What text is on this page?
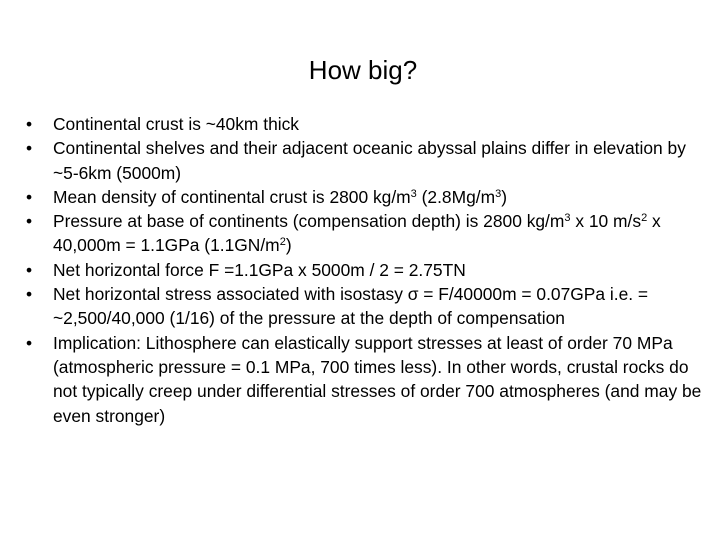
How big?
• Continental crust is ~40km thick
• Continental shelves and their adjacent oceanic abyssal plains differ in elevation by ~5-6km (5000m)
• Mean density of continental crust is 2800 $kg/m^3$ $(2.8Mg/m^3)$
• Pressure at base of continents (compensation depth) is 2800 $kg/m^3$ x 10 $m/s^2$ x 40,000m = 1.1GPa $(1.1GN/m^2)$
• Net horizontal force F =1.1GPa x 5000m / 2 = 2.75TN
• Net horizontal stress associated with isostasy σ = F/40000m = 0.07GPa i.e. = ~2,500/40,000 (1/16) of the pressure at the depth of compensation
• Implication: Lithosphere can elastically support stresses at least of order 70 MPa (atmospheric pressure = 0.1 MPa, 700 times less). In other words, crustal rocks do not typically creep under differential stresses of order 700 atmospheres (and may be even stronger)
